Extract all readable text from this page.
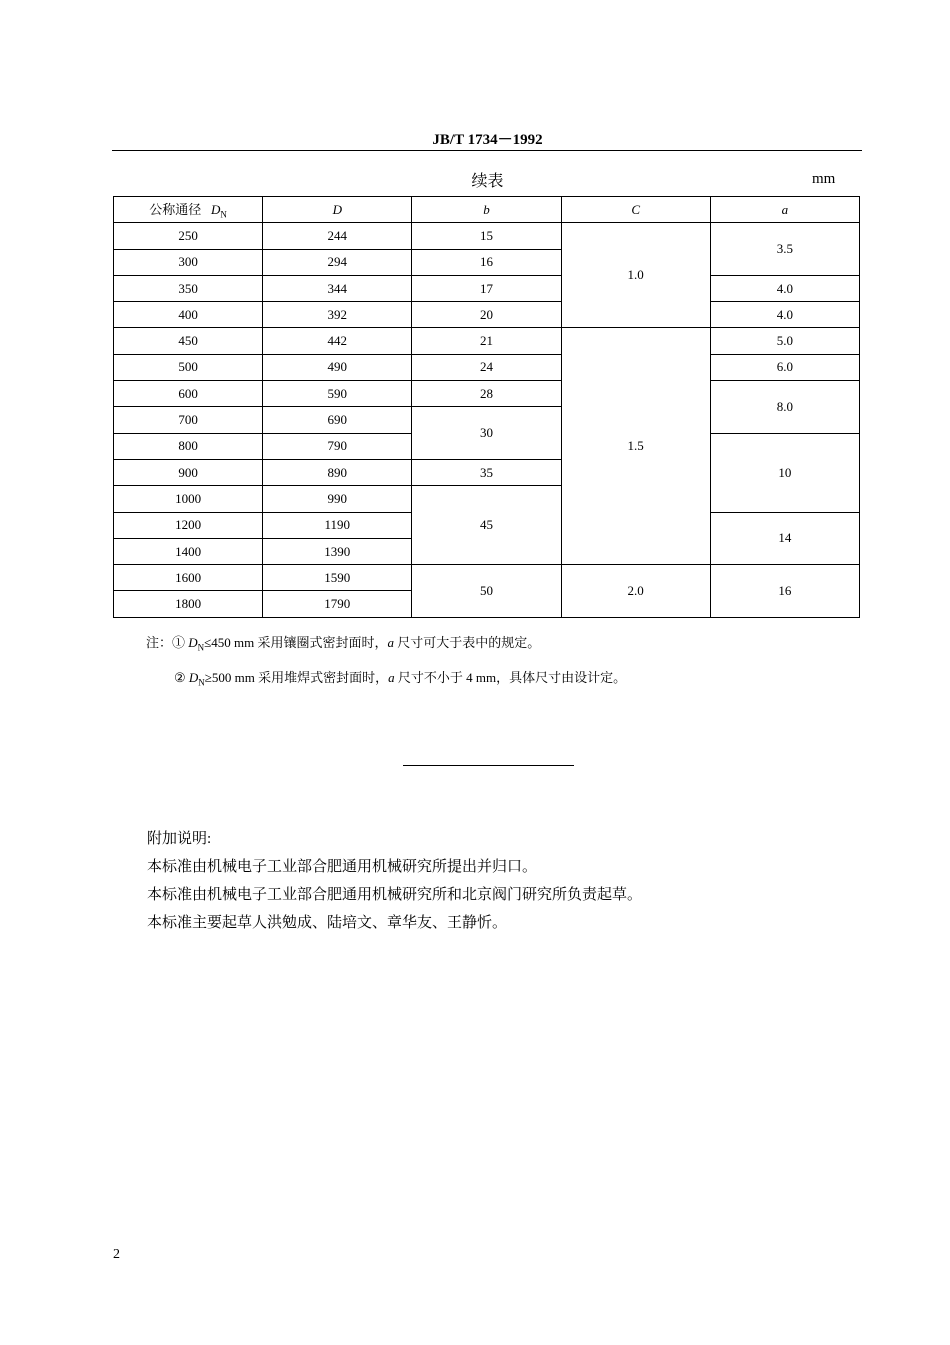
JB/T 1734－1992
续表	mm
公称通径 $D_N$	D	b	C	a
250	244	15	1.0	3.5
300	294	16		
350	344	17		4.0
400	392	20		4.0
450	442	21	1.5	5.0
500	490	24		6.0
600	590	28		8.0
700	690	30		
800	790			10
900	890	35		
1000	990	45		
1200	1190			14
1400	1390			
1600	1590	50	2.0	16
1800	1790			
注：① $D_N\le 450$ mm 采用镶圈式密封面时，a 尺寸可大于表中的规定。
② $D_N\ge 500$ mm 采用堆焊式密封面时，a 尺寸不小于 4 mm，具体尺寸由设计定。
附加说明:
本标准由机械电子工业部合肥通用机械研究所提出并归口。
本标准由机械电子工业部合肥通用机械研究所和北京阀门研究所负责起草。
本标准主要起草人洪勉成、陆培文、章华友、王静忻。
2
